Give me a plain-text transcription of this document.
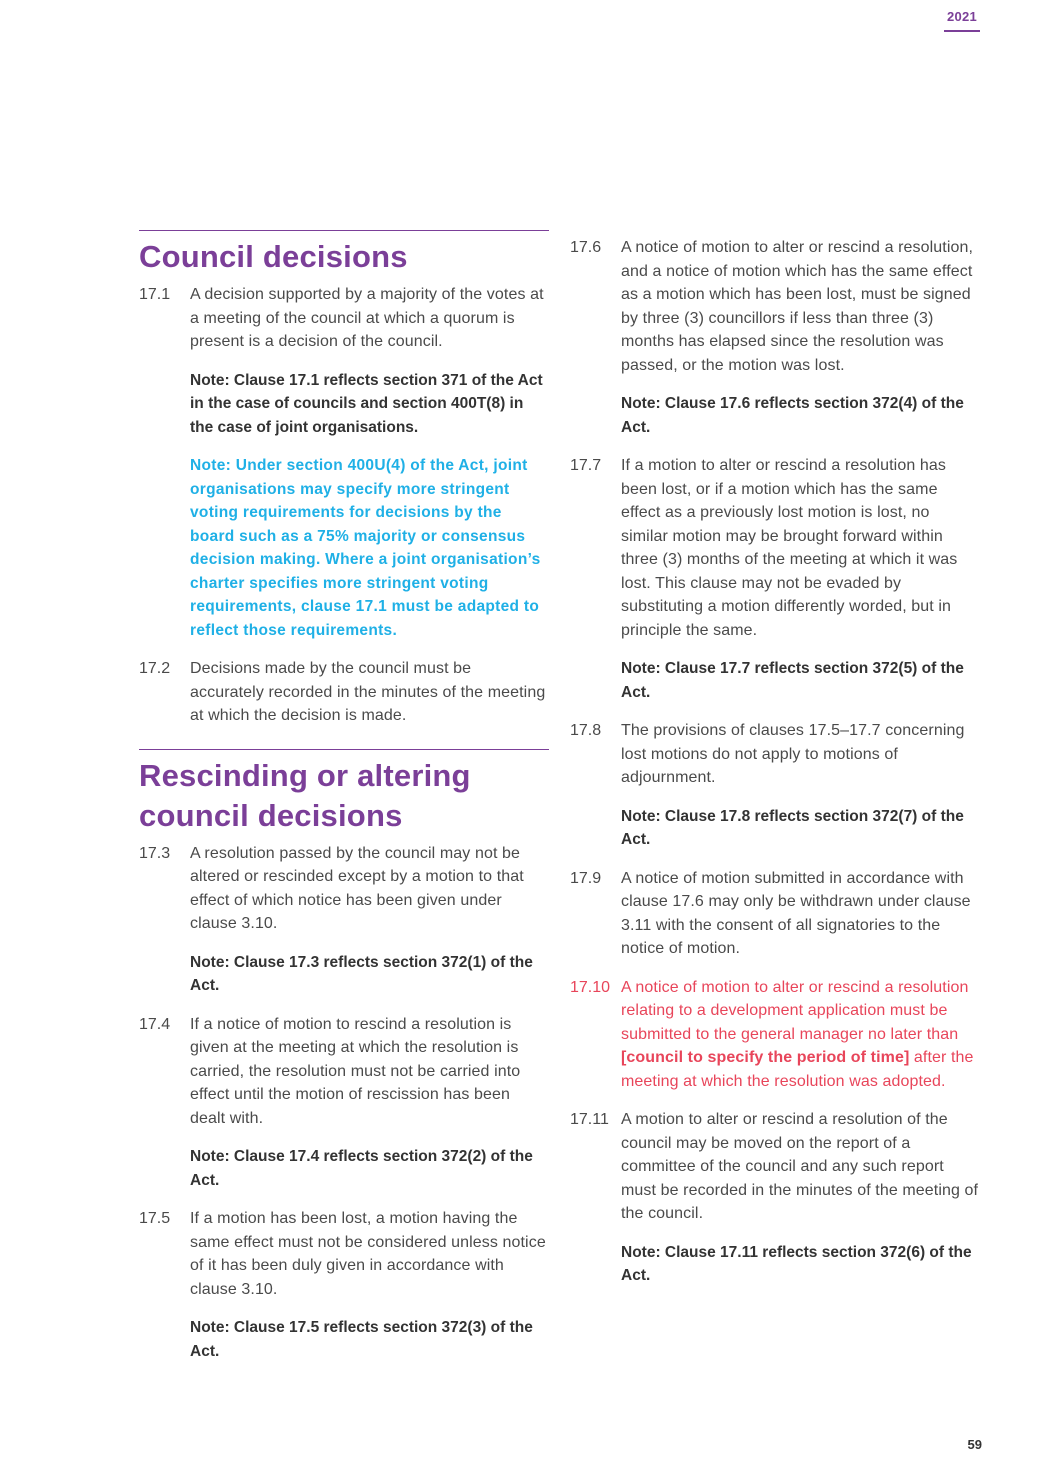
2021
Council decisions
17.1	A decision supported by a majority of the votes at a meeting of the council at which a quorum is present is a decision of the council.
Note: Clause 17.1 reflects section 371 of the Act in the case of councils and section 400T(8) in the case of joint organisations.
Note: Under section 400U(4) of the Act, joint organisations may specify more stringent voting requirements for decisions by the board such as a 75% majority or consensus decision making. Where a joint organisation’s charter specifies more stringent voting requirements, clause 17.1 must be adapted to reflect those requirements.
17.2	Decisions made by the council must be accurately recorded in the minutes of the meeting at which the decision is made.
Rescinding or altering
council decisions
17.3	A resolution passed by the council may not be altered or rescinded except by a motion to that effect of which notice has been given under clause 3.10.
Note: Clause 17.3 reflects section 372(1) of the Act.
17.4	If a notice of motion to rescind a resolution is given at the meeting at which the resolution is carried, the resolution must not be carried into effect until the motion of rescission has been dealt with.
Note: Clause 17.4 reflects section 372(2) of the Act.
17.5	If a motion has been lost, a motion having the same effect must not be considered unless notice of it has been duly given in accordance with clause 3.10.
Note: Clause 17.5 reflects section 372(3) of the Act.
17.6	A notice of motion to alter or rescind a resolution, and a notice of motion which has the same effect as a motion which has been lost, must be signed by three (3) councillors if less than three (3) months has elapsed since the resolution was passed, or the motion was lost.
Note: Clause 17.6 reflects section 372(4) of the Act.
17.7	If a motion to alter or rescind a resolution has been lost, or if a motion which has the same effect as a previously lost motion is lost, no similar motion may be brought forward within three (3) months of the meeting at which it was lost. This clause may not be evaded by substituting a motion differently worded, but in principle the same.
Note: Clause 17.7 reflects section 372(5) of the Act.
17.8	The provisions of clauses 17.5–17.7 concerning lost motions do not apply to motions of adjournment.
Note: Clause 17.8 reflects section 372(7) of the Act.
17.9	A notice of motion submitted in accordance with clause 17.6 may only be withdrawn under clause 3.11 with the consent of all signatories to the notice of motion.
17.10 A notice of motion to alter or rescind a resolution relating to a development application must be submitted to the general manager no later than [council to specify the period of time] after the meeting at which the resolution was adopted.
17.11 A motion to alter or rescind a resolution of the council may be moved on the report of a committee of the council and any such report must be recorded in the minutes of the meeting of the council.
Note: Clause 17.11 reflects section 372(6) of the Act.
59
